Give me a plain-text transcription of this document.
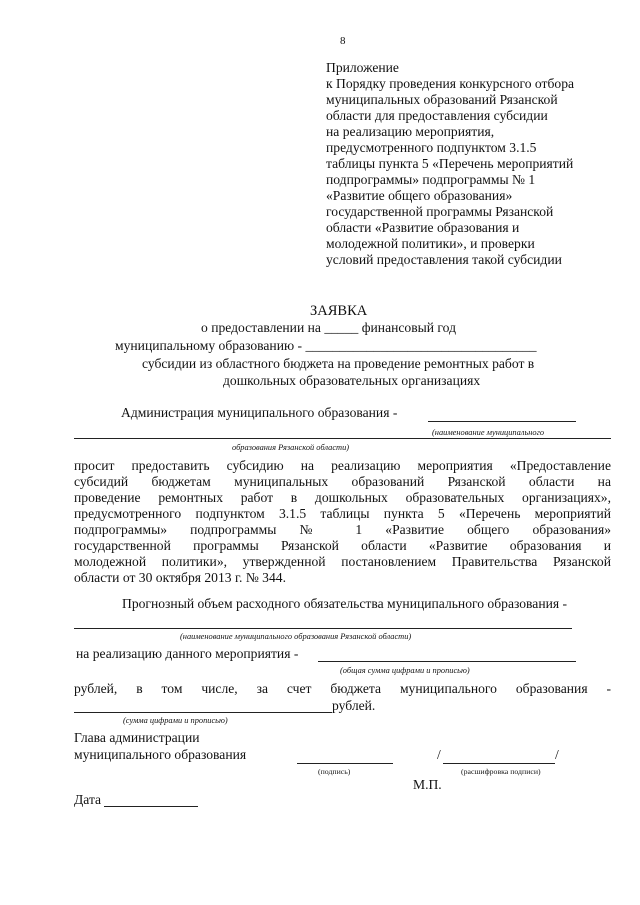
8
Приложение
к Порядку проведения конкурсного отбора
муниципальных образований Рязанской
области для предоставления субсидии
на реализацию мероприятия,
предусмотренного подпунктом 3.1.5
таблицы пункта 5 «Перечень мероприятий
подпрограммы» подпрограммы № 1
«Развитие общего образования»
государственной программы Рязанской
области «Развитие образования и
молодежной политики», и проверки
условий предоставления такой субсидии
ЗАЯВКА
о предоставлении на _____ финансовый год
муниципальному образованию - __________________________________
субсидии из областного бюджета на проведение ремонтных работ в
дошкольных образовательных организациях
Администрация муниципального образования -
(наименование муниципального
образования Рязанской области)
просит предоставить субсидию на реализацию мероприятия «Предоставление
субсидий бюджетам муниципальных образований Рязанской области на
проведение ремонтных работ в дошкольных образовательных организациях»,
предусмотренного подпунктом 3.1.5 таблицы пункта 5 «Перечень мероприятий
подпрограммы» подпрограммы № 1 «Развитие общего образования»
государственной программы Рязанской области «Развитие образования и
молодежной политики», утвержденной постановлением Правительства Рязанской
области от 30 октября 2013 г. № 344.
Прогнозный объем расходного обязательства муниципального образования -
(наименование муниципального образования Рязанской области)
на реализацию данного мероприятия -
(общая сумма цифрами и прописью)
рублей, в том числе, за счет бюджета муниципального образования -
рублей.
(сумма цифрами и прописью)
Глава администрации
муниципального образования
(подпись)
/	/
(расшифровка подписи)
М.П.
Дата
